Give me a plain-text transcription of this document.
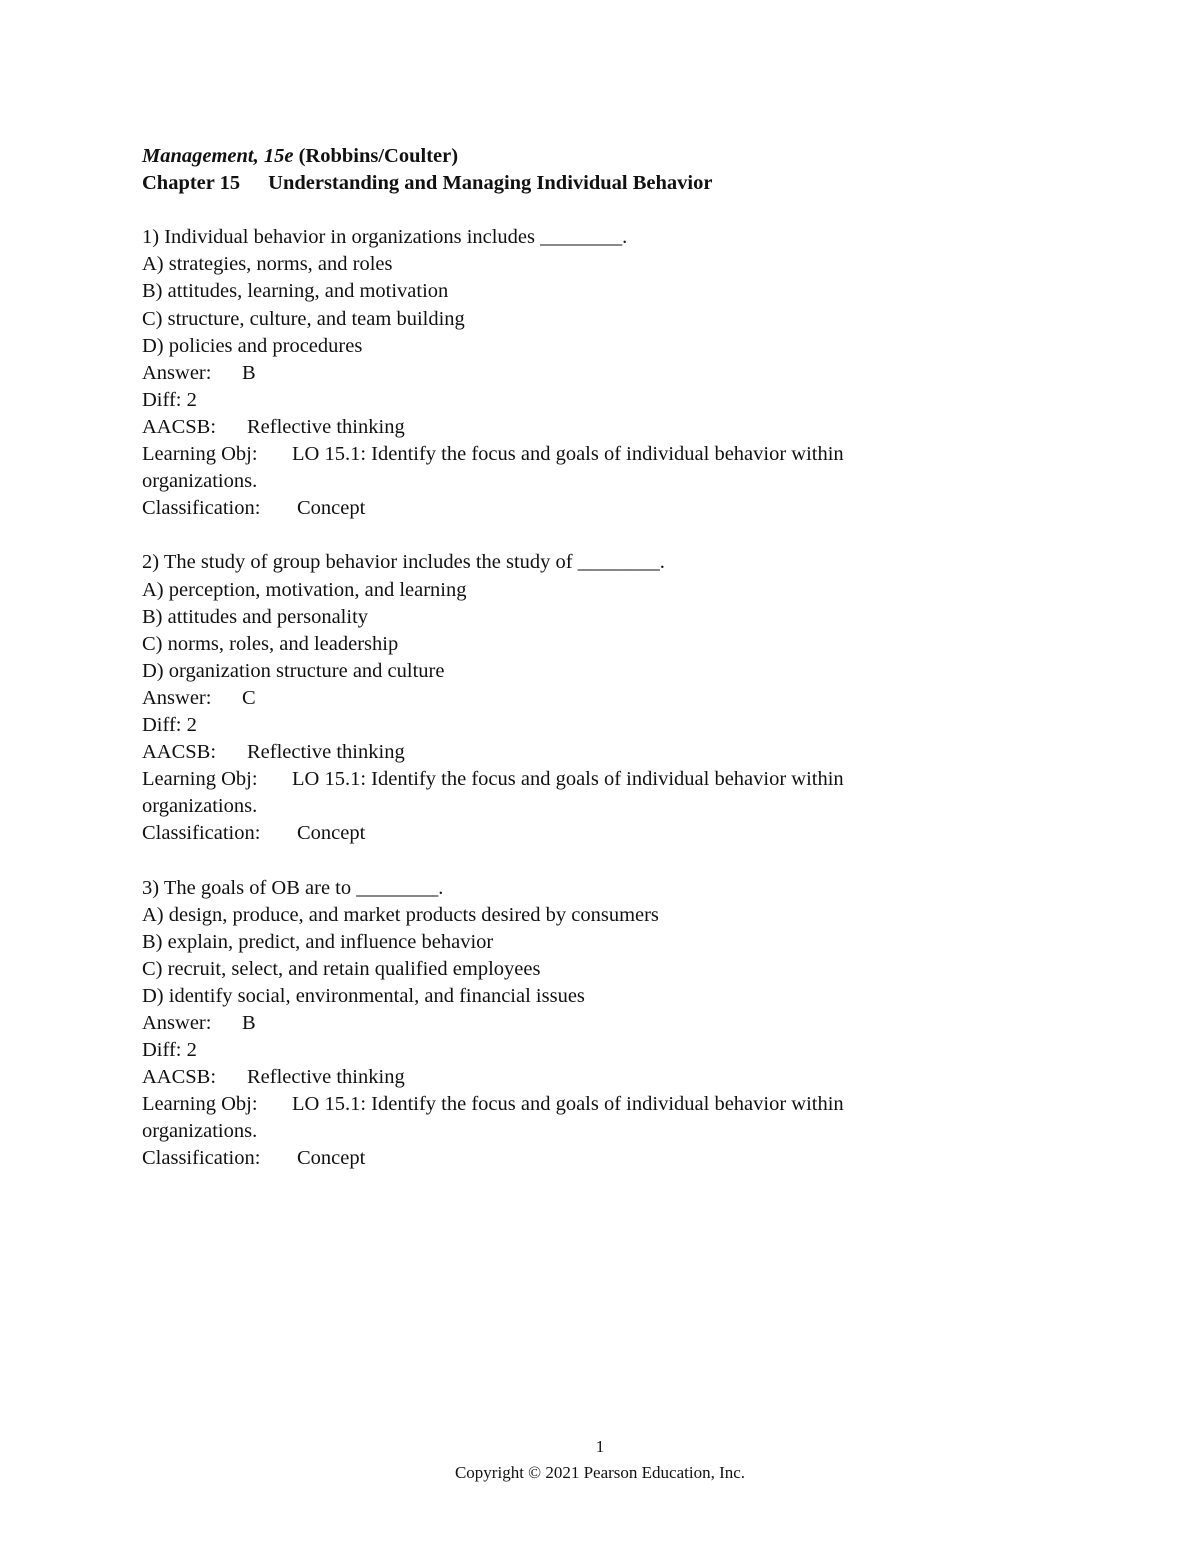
Management, 15e (Robbins/Coulter)
Chapter 15 Understanding and Managing Individual Behavior
1) Individual behavior in organizations includes ________.
A) strategies, norms, and roles
B) attitudes, learning, and motivation
C) structure, culture, and team building
D) policies and procedures
Answer: B
Diff: 2
AACSB: Reflective thinking
Learning Obj: LO 15.1: Identify the focus and goals of individual behavior within
organizations.
Classification: Concept
2) The study of group behavior includes the study of ________.
A) perception, motivation, and learning
B) attitudes and personality
C) norms, roles, and leadership
D) organization structure and culture
Answer: C
Diff: 2
AACSB: Reflective thinking
Learning Obj: LO 15.1: Identify the focus and goals of individual behavior within
organizations.
Classification: Concept
3) The goals of OB are to ________.
A) design, produce, and market products desired by consumers
B) explain, predict, and influence behavior
C) recruit, select, and retain qualified employees
D) identify social, environmental, and financial issues
Answer: B
Diff: 2
AACSB: Reflective thinking
Learning Obj: LO 15.1: Identify the focus and goals of individual behavior within
organizations.
Classification: Concept
1
Copyright © 2021 Pearson Education, Inc.
